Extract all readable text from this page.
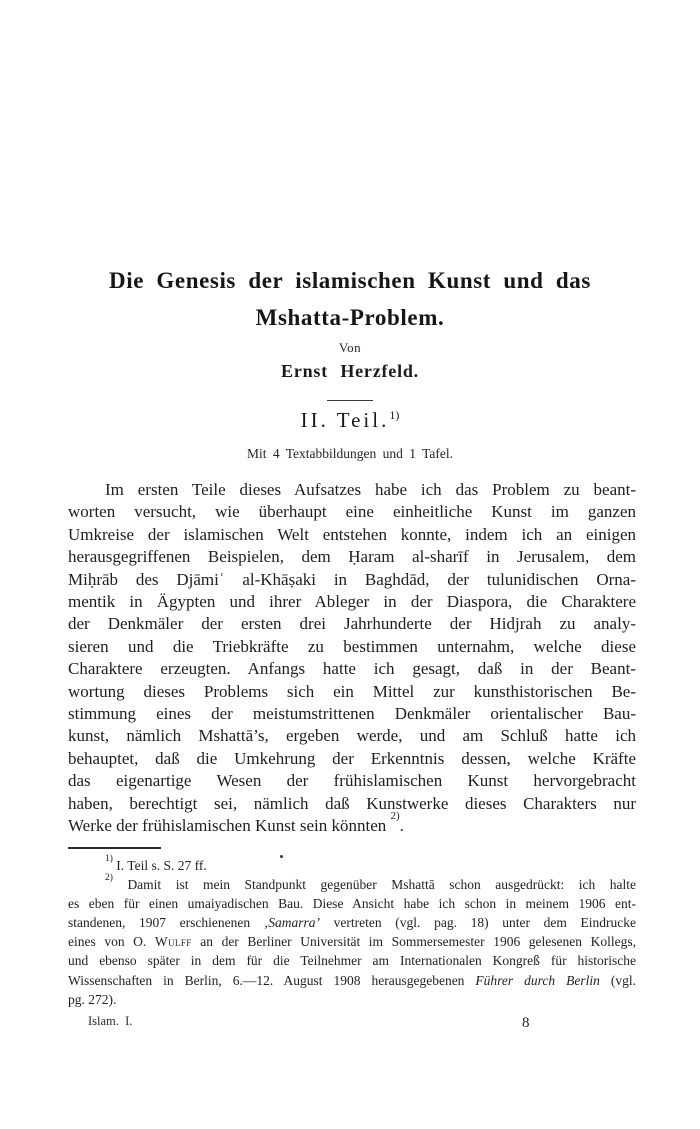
Die Genesis der islamischen Kunst und das
Mshatta-Problem.
Von
Ernst Herzfeld.
II. Teil.$^{1)}$
Mit 4 Textabbildungen und 1 Tafel.
Im ersten Teile dieses Aufsatzes habe ich das Problem zu beant-
worten versucht, wie überhaupt eine einheitliche Kunst im ganzen
Umkreise der islamischen Welt entstehen konnte, indem ich an einigen
herausgegriffenen Beispielen, dem Ḥaram al-sharīf in Jerusalem, dem
Miḥrāb des Djāmiʿ al-Khāṣaki in Baghdād, der tulunidischen Orna-
mentik in Ägypten und ihrer Ableger in der Diaspora, die Charaktere
der Denkmäler der ersten drei Jahrhunderte der Hidjrah zu analy-
sieren und die Triebkräfte zu bestimmen unternahm, welche diese
Charaktere erzeugten. Anfangs hatte ich gesagt, daß in der Beant-
wortung dieses Problems sich ein Mittel zur kunsthistorischen Be-
stimmung eines der meistumstrittenen Denkmäler orientalischer Bau-
kunst, nämlich Mshattā’s, ergeben werde, und am Schluß hatte ich
behauptet, daß die Umkehrung der Erkenntnis dessen, welche Kräfte
das eigenartige Wesen der frühislamischen Kunst hervorgebracht
haben, berechtigt sei, nämlich daß Kunstwerke dieses Charakters nur
Werke der frühislamischen Kunst sein könnten $^{2)}$.
$^{1)}$ I. Teil s. S. 27 ff.
$^{2)}$ Damit ist mein Standpunkt gegenüber Mshattā schon ausgedrückt: ich halte
es eben für einen umaiyadischen Bau. Diese Ansicht habe ich schon in meinem 1906 ent-
standenen, 1907 erschienenen ‚Samarra’ vertreten (vgl. pag. 18) unter dem Eindrucke
eines von O. Wulff an der Berliner Universität im Sommersemester 1906 gelesenen Kollegs,
und ebenso später in dem für die Teilnehmer am Internationalen Kongreß für historische
Wissenschaften in Berlin, 6.—12. August 1908 herausgegebenen Führer durch Berlin (vgl.
pg. 272).
Islam.  I.	8
